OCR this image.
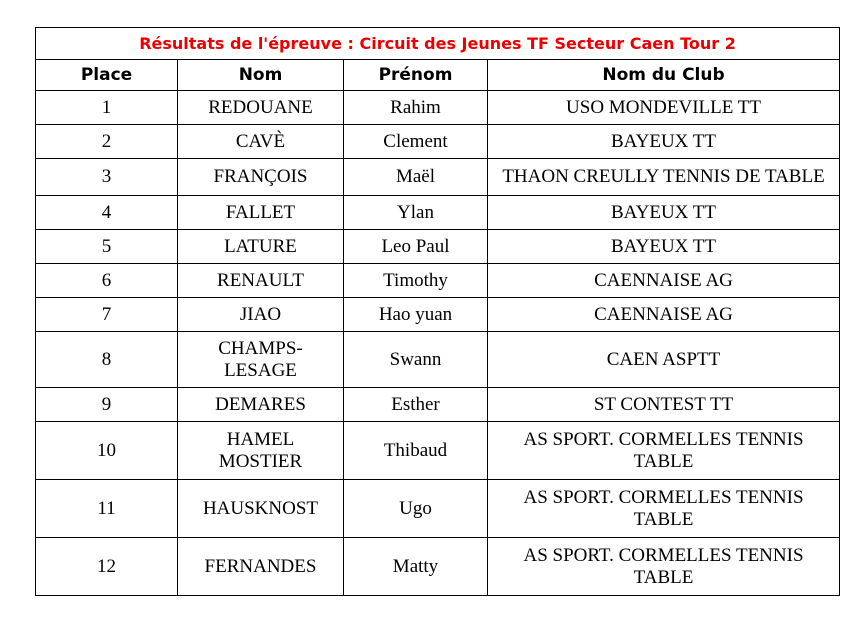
Résultats de l'épreuve : Circuit des Jeunes TF Secteur Caen Tour 2			
Place	Nom	Prénom	Nom du Club
1	REDOUANE	Rahim	USO MONDEVILLE TT
2	CAVÈ	Clement	BAYEUX TT
3	FRANÇOIS	Maël	THAON CREULLY TENNIS DE TABLE
4	FALLET	Ylan	BAYEUX TT
5	LATURE	Leo Paul	BAYEUX TT
6	RENAULT	Timothy	CAENNAISE AG
7	JIAO	Hao yuan	CAENNAISE AG
8	CHAMPS-LESAGE	Swann	CAEN ASPTT
9	DEMARES	Esther	ST CONTEST TT
10	HAMEL MOSTIER	Thibaud	AS SPORT. CORMELLES TENNIS TABLE
11	HAUSKNOST	Ugo	AS SPORT. CORMELLES TENNIS TABLE
12	FERNANDES	Matty	AS SPORT. CORMELLES TENNIS TABLE
